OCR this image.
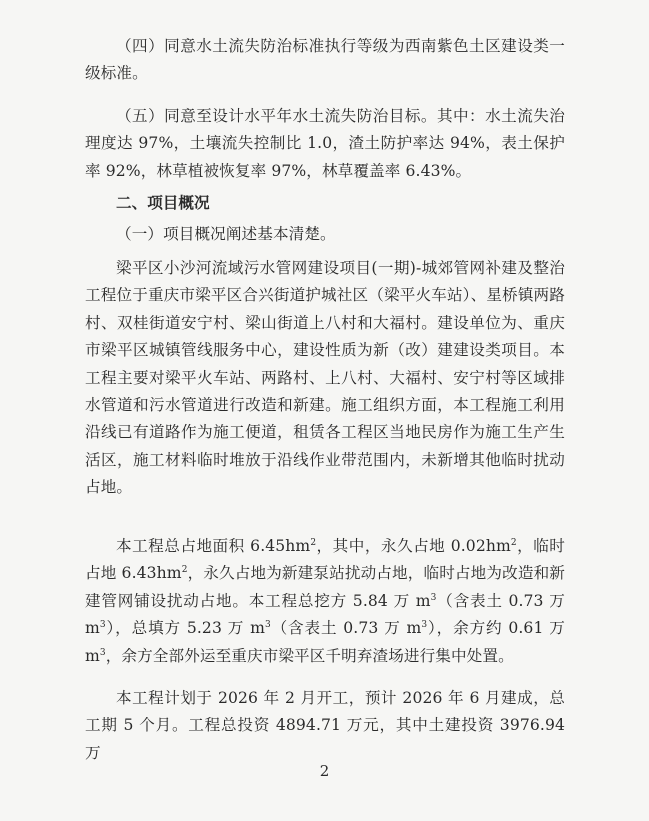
（四）同意水土流失防治标准执行等级为西南紫色土区建设类一级标准。

（五）同意至设计水平年水土流失防治目标。其中：水土流失治理度达 97%，土壤流失控制比 1.0，渣土防护率达 94%，表土保护率 92%，林草植被恢复率 97%，林草覆盖率 6.43%。

二、项目概况

（一）项目概况阐述基本清楚。

梁平区小沙河流域污水管网建设项目(一期)-城郊管网补建及整治工程位于重庆市梁平区合兴街道护城社区（梁平火车站）、星桥镇两路村、双桂街道安宁村、梁山街道上八村和大福村。建设单位为、重庆市梁平区城镇管线服务中心，建设性质为新（改）建建设类项目。本工程主要对梁平火车站、两路村、上八村、大福村、安宁村等区域排水管道和污水管道进行改造和新建。施工组织方面，本工程施工利用沿线已有道路作为施工便道，租赁各工程区当地民房作为施工生产生活区，施工材料临时堆放于沿线作业带范围内，未新增其他临时扰动占地。

本工程总占地面积 $6.45hm^2$，其中，永久占地 $0.02hm^2$，临时占地 $6.43hm^2$，永久占地为新建泵站扰动占地，临时占地为改造和新建管网铺设扰动占地。本工程总挖方 5.84 万 $m^3$（含表土 0.73 万 $m^3$），总填方 5.23 万 $m^3$（含表土 0.73 万 $m^3$），余方约 0.61 万 $m^3$，余方全部外运至重庆市梁平区千明弃渣场进行集中处置。

本工程计划于 2026 年 2 月开工，预计 2026 年 6 月建成，总工期 5 个月。工程总投资 4894.71 万元，其中土建投资 3976.94 万

2
